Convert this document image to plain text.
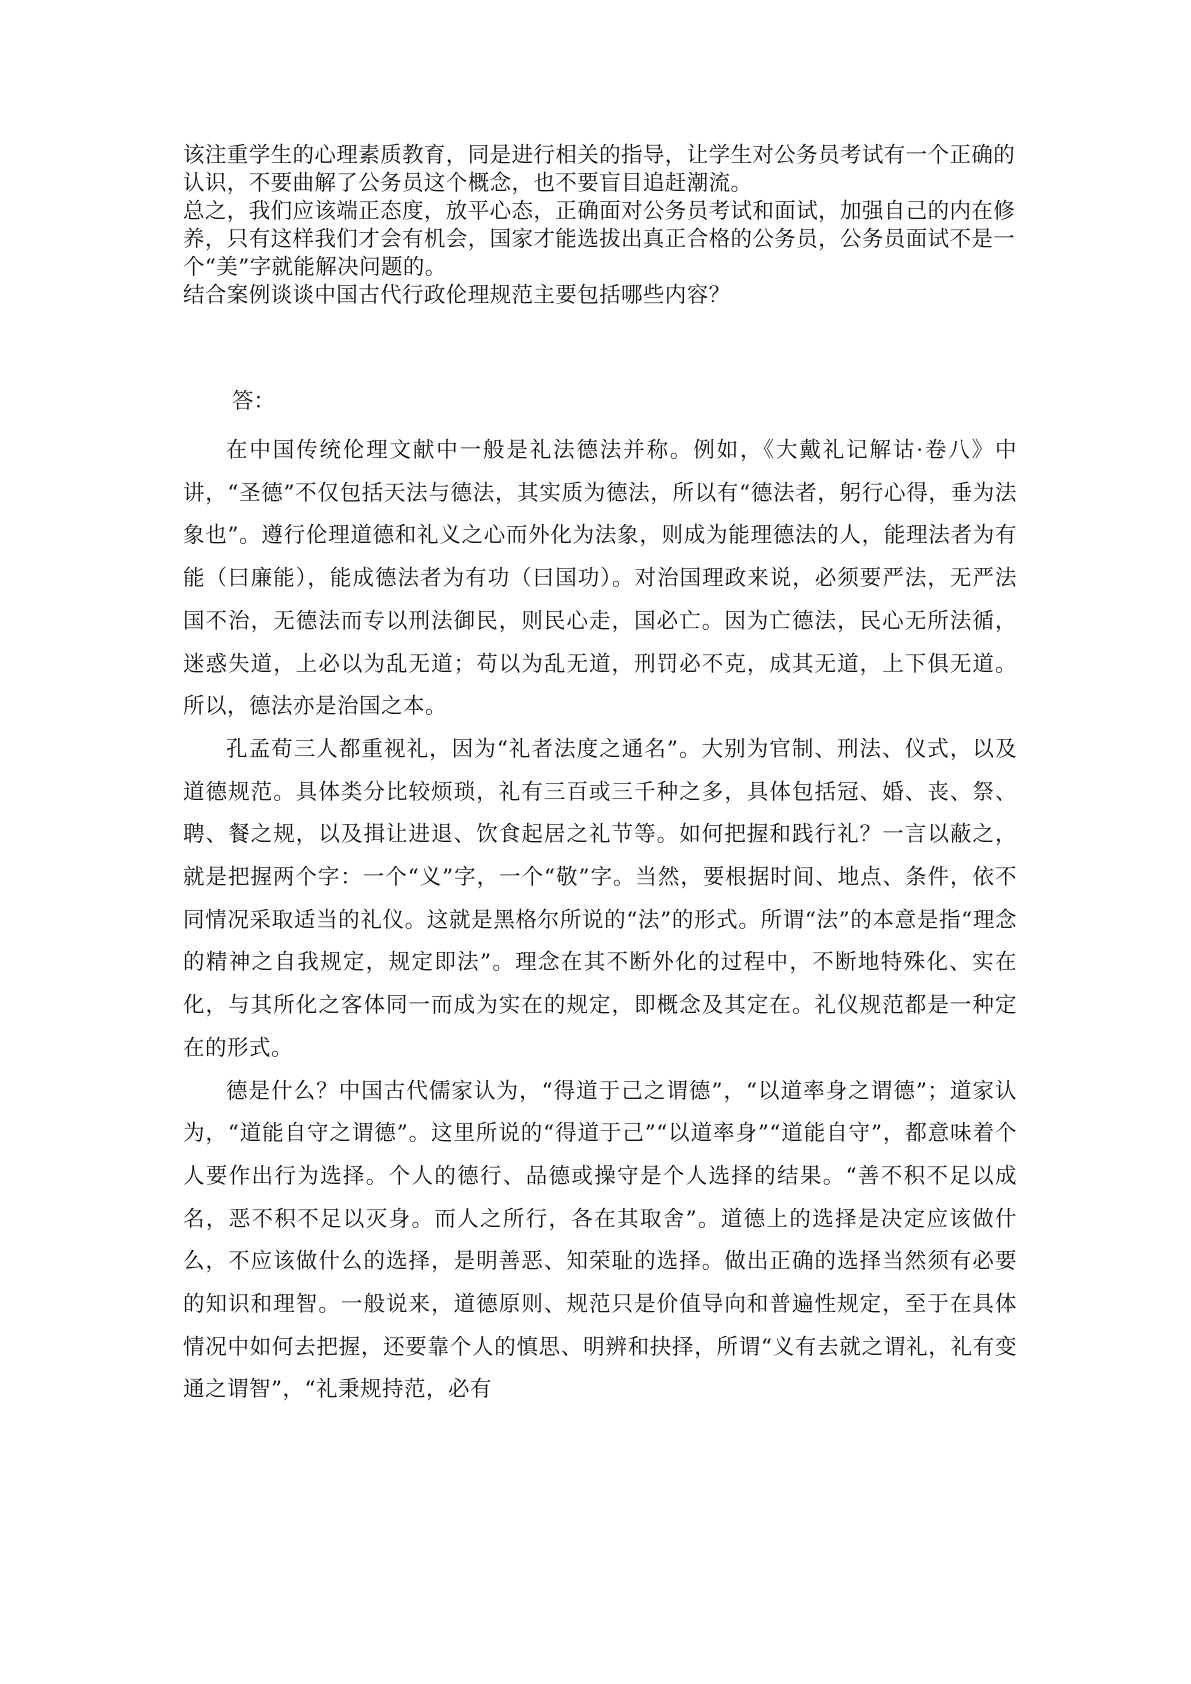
该注重学生的心理素质教育，同是进行相关的指导，让学生对公务员考试有一个正确的认识，不要曲解了公务员这个概念，也不要盲目追赶潮流。

总之，我们应该端正态度，放平心态，正确面对公务员考试和面试，加强自己的内在修养，只有这样我们才会有机会，国家才能选拔出真正合格的公务员，公务员面试不是一个“美”字就能解决问题的。

结合案例谈谈中国古代行政伦理规范主要包括哪些内容？

答：

在中国传统伦理文献中一般是礼法德法并称。例如，《大戴礼记解诂·卷八》中讲，“圣德”不仅包括天法与德法，其实质为德法，所以有“德法者，躬行心得，垂为法象也”。遵行伦理道德和礼义之心而外化为法象，则成为能理德法的人，能理法者为有能（曰廉能），能成德法者为有功（曰国功）。对治国理政来说，必须要严法，无严法国不治，无德法而专以刑法御民，则民心走，国必亡。因为亡德法，民心无所法循，迷惑失道，上必以为乱无道；苟以为乱无道，刑罚必不克，成其无道，上下俱无道。所以，德法亦是治国之本。

孔孟荀三人都重视礼，因为“礼者法度之通名”。大别为官制、刑法、仪式，以及道德规范。具体类分比较烦琐，礼有三百或三千种之多，具体包括冠、婚、丧、祭、聘、餐之规，以及揖让进退、饮食起居之礼节等。如何把握和践行礼？一言以蔽之，就是把握两个字：一个“义”字，一个“敬”字。当然，要根据时间、地点、条件，依不同情况采取适当的礼仪。这就是黑格尔所说的“法”的形式。所谓“法”的本意是指“理念的精神之自我规定，规定即法”。理念在其不断外化的过程中，不断地特殊化、实在化，与其所化之客体同一而成为实在的规定，即概念及其定在。礼仪规范都是一种定在的形式。

德是什么？中国古代儒家认为，“得道于己之谓德”，“以道率身之谓德”；道家认为，“道能自守之谓德”。这里所说的“得道于己”“以道率身”“道能自守”，都意味着个人要作出行为选择。个人的德行、品德或操守是个人选择的结果。“善不积不足以成名，恶不积不足以灭身。而人之所行，各在其取舍”。道德上的选择是决定应该做什么，不应该做什么的选择，是明善恶、知荣耻的选择。做出正确的选择当然须有必要的知识和理智。一般说来，道德原则、规范只是价值导向和普遍性规定，至于在具体情况中如何去把握，还要靠个人的慎思、明辨和抉择，所谓“义有去就之谓礼，礼有变通之谓智”，“礼秉规持范，必有
